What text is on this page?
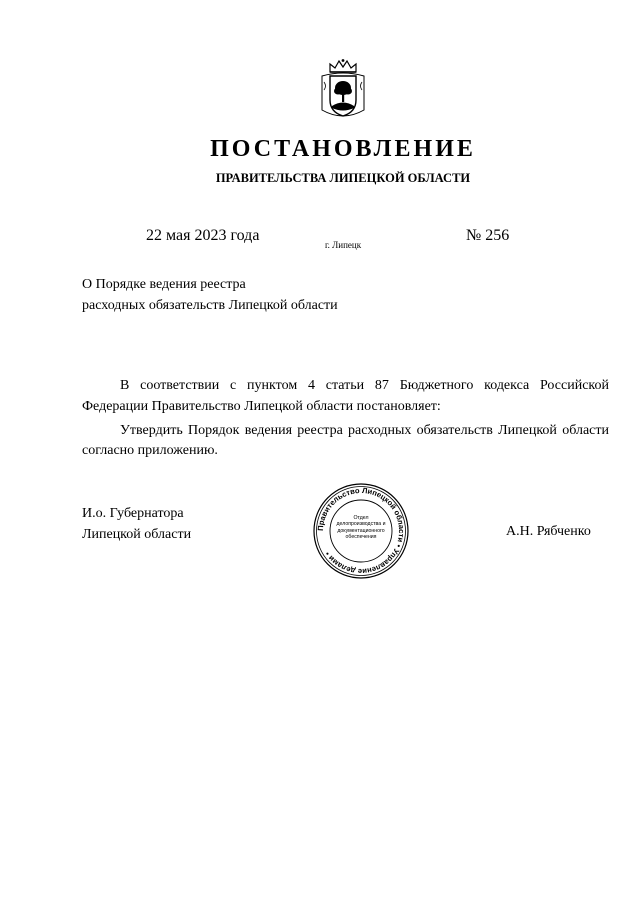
ПОСТАНОВЛЕНИЕ
ПРАВИТЕЛЬСТВА ЛИПЕЦКОЙ ОБЛАСТИ
22 мая 2023 года
г. Липецк
№ 256
О Порядке ведения реестра
расходных обязательств Липецкой области

В соответствии с пунктом 4 статьи 87 Бюджетного кодекса Российской Федерации Правительство Липецкой области постановляет:

Утвердить Порядок ведения реестра расходных обязательств Липецкой области согласно приложению.

И.о. Губернатора
Липецкой области	Правительство Липецкой области • Управление делами •
Отдел делопроизводства и документационного обеспечения	А.Н. Рябченко
